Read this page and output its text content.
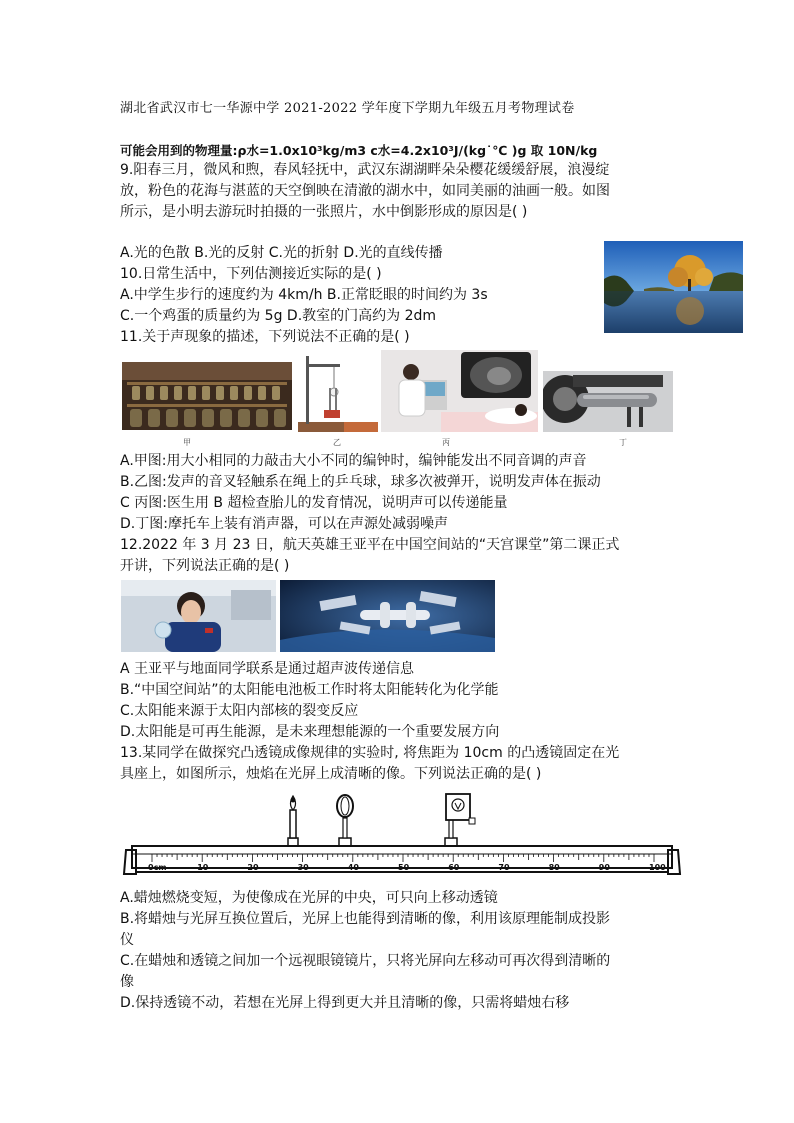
湖北省武汉市七一华源中学 2021-2022 学年度下学期九年级五月考物理试卷
可能会用到的物理量:ρ水=1.0x10³kg/m3 c水=4.2x10³J/(kg˙℃ )g 取 10N/kg
9.阳春三月，微风和煦，春风轻抚中，武汉东湖湖畔朵朵樱花缓缓舒展，浪漫绽
放，粉色的花海与湛蓝的天空倒映在清澈的湖水中，如同美丽的油画一般。如图
所示，是小明去游玩时拍摄的一张照片，水中倒影形成的原因是( )
A.光的色散 B.光的反射 C.光的折射 D.光的直线传播
10.日常生活中，下列估测接近实际的是( )
A.中学生步行的速度约为 4km/h B.正常眨眼的时间约为 3s
C.一个鸡蛋的质量约为 5g D.教室的门高约为 2dm
11.关于声现象的描述，下列说法不正确的是( )
甲	乙	丙	丁
A.甲图:用大小相同的力敲击大小不同的编钟时，编钟能发出不同音调的声音
B.乙图:发声的音叉轻触系在绳上的乒乓球，球多次被弹开，说明发声体在振动
C 丙图:医生用 B 超检查胎儿的发育情况，说明声可以传递能量
D.丁图:摩托车上装有消声器，可以在声源处减弱噪声
12.2022 年 3 月 23 日，航天英雄王亚平在中国空间站的“天宫课堂”第二课正式
开讲，下列说法正确的是( )
A 王亚平与地面同学联系是通过超声波传递信息
B.“中国空间站”的太阳能电池板工作时将太阳能转化为化学能
C.太阳能来源于太阳内部核的裂变反应
D.太阳能是可再生能源，是未来理想能源的一个重要发展方向
13.某同学在做探究凸透镜成像规律的实验时, 将焦距为 10cm 的凸透镜固定在光
具座上，如图所示，烛焰在光屏上成清晰的像。下列说法正确的是( )
0cm	10	20	30	40	50	60	70	80	90	100
A.蜡烛燃烧变短，为使像成在光屏的中央，可只向上移动透镜
B.将蜡烛与光屏互换位置后，光屏上也能得到清晰的像，利用该原理能制成投影
仪
C.在蜡烛和透镜之间加一个远视眼镜镜片，只将光屏向左移动可再次得到清晰的
像
D.保持透镜不动，若想在光屏上得到更大并且清晰的像，只需将蜡烛右移
